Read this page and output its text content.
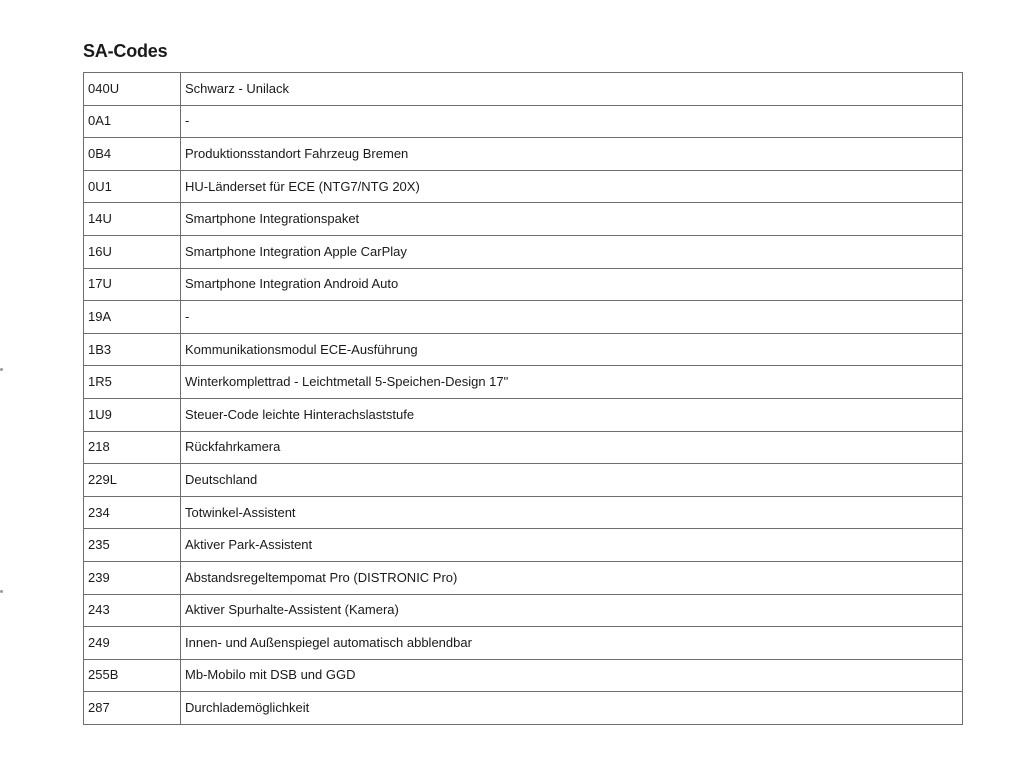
SA-Codes
040U	Schwarz - Unilack
0A1	-
0B4	Produktionsstandort Fahrzeug Bremen
0U1	HU-Länderset für ECE (NTG7/NTG 20X)
14U	Smartphone Integrationspaket
16U	Smartphone Integration Apple CarPlay
17U	Smartphone Integration Android Auto
19A	-
1B3	Kommunikationsmodul ECE-Ausführung
1R5	Winterkomplettrad - Leichtmetall 5-Speichen-Design 17"
1U9	Steuer-Code leichte Hinterachslaststufe
218	Rückfahrkamera
229L	Deutschland
234	Totwinkel-Assistent
235	Aktiver Park-Assistent
239	Abstandsregeltempomat Pro (DISTRONIC Pro)
243	Aktiver Spurhalte-Assistent (Kamera)
249	Innen- und Außenspiegel automatisch abblendbar
255B	Mb-Mobilo mit DSB und GGD
287	Durchlademöglichkeit
